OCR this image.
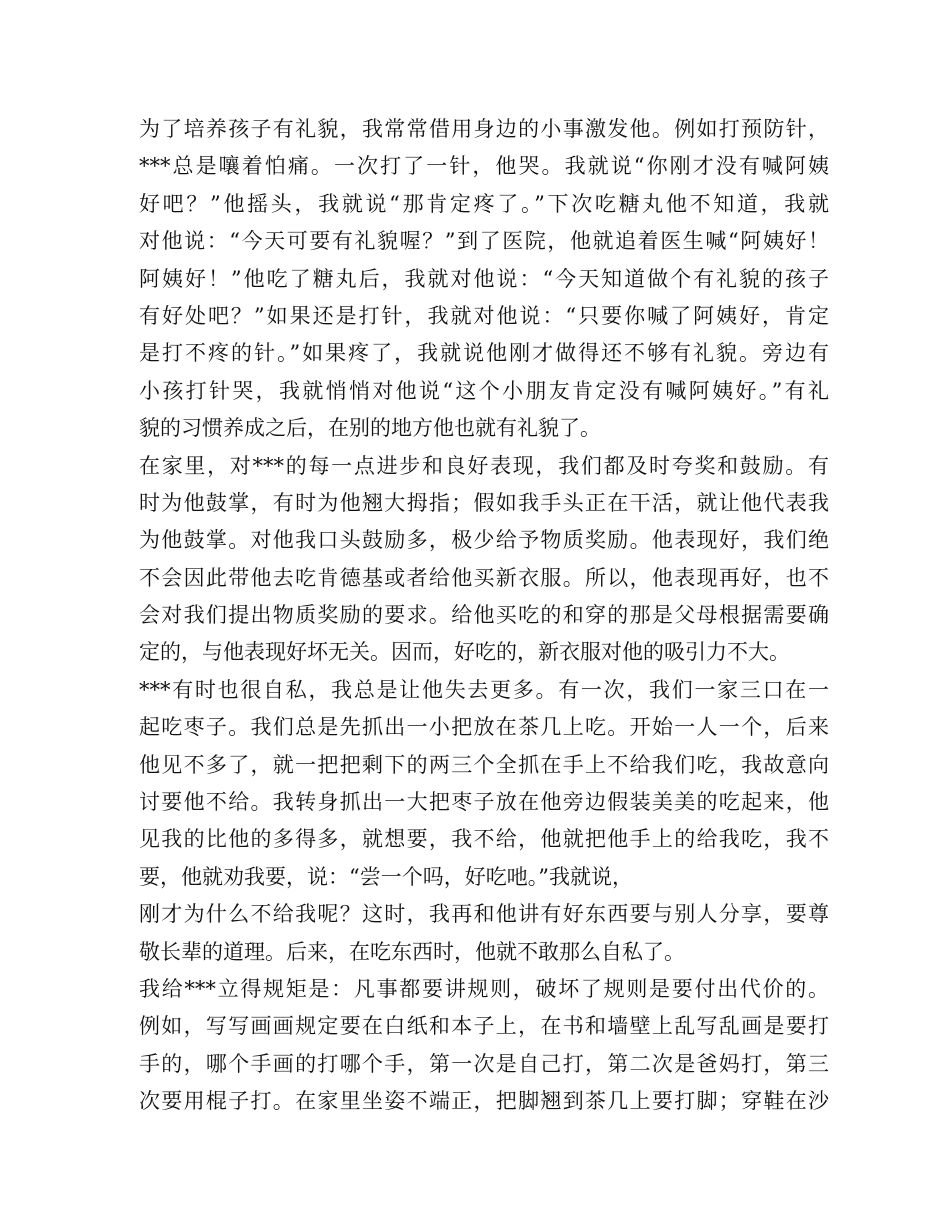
为了培养孩子有礼貌，我常常借用身边的小事激发他。例如打预防针，
***总是嚷着怕痛。一次打了一针，他哭。我就说“你刚才没有喊阿姨
好吧？”他摇头，我就说“那肯定疼了。”下次吃糖丸他不知道，我就
对他说：“今天可要有礼貌喔？”到了医院，他就追着医生喊“阿姨好！
阿姨好！”他吃了糖丸后，我就对他说：“今天知道做个有礼貌的孩子
有好处吧？”如果还是打针，我就对他说：“只要你喊了阿姨好，肯定
是打不疼的针。”如果疼了，我就说他刚才做得还不够有礼貌。旁边有
小孩打针哭，我就悄悄对他说“这个小朋友肯定没有喊阿姨好。”有礼
貌的习惯养成之后，在别的地方他也就有礼貌了。
在家里，对***的每一点进步和良好表现，我们都及时夸奖和鼓励。有
时为他鼓掌，有时为他翘大拇指；假如我手头正在干活，就让他代表我
为他鼓掌。对他我口头鼓励多，极少给予物质奖励。他表现好，我们绝
不会因此带他去吃肯德基或者给他买新衣服。所以，他表现再好，也不
会对我们提出物质奖励的要求。给他买吃的和穿的那是父母根据需要确
定的，与他表现好坏无关。因而，好吃的，新衣服对他的吸引力不大。
***有时也很自私，我总是让他失去更多。有一次，我们一家三口在一
起吃枣子。我们总是先抓出一小把放在茶几上吃。开始一人一个，后来
他见不多了，就一把把剩下的两三个全抓在手上不给我们吃，我故意向
讨要他不给。我转身抓出一大把枣子放在他旁边假装美美的吃起来，他
见我的比他的多得多，就想要，我不给，他就把他手上的给我吃，我不
要，他就劝我要，说：“尝一个吗，好吃吔。”我就说，
刚才为什么不给我呢？这时，我再和他讲有好东西要与别人分享，要尊
敬长辈的道理。后来，在吃东西时，他就不敢那么自私了。
我给***立得规矩是：凡事都要讲规则，破坏了规则是要付出代价的。
例如，写写画画规定要在白纸和本子上，在书和墙壁上乱写乱画是要打
手的，哪个手画的打哪个手，第一次是自己打，第二次是爸妈打，第三
次要用棍子打。在家里坐姿不端正，把脚翘到茶几上要打脚；穿鞋在沙
